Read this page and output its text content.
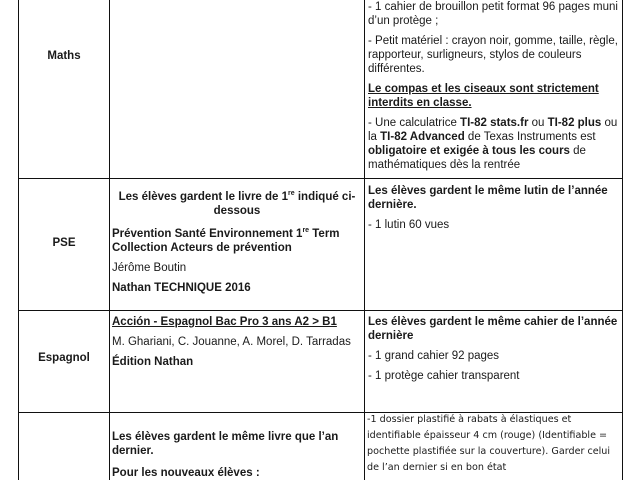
Maths

- 1 cahier de brouillon petit format 96 pages muni d’un protège ;

- Petit matériel : crayon noir, gomme, taille, règle, rapporteur, surligneurs, stylos de couleurs différentes.

Le compas et les ciseaux sont strictement interdits en classe.

- Une calculatrice TI-82 stats.fr ou TI-82 plus ou la TI-82 Advanced de Texas Instruments est obligatoire et exigée à tous les cours de mathématiques dès la rentrée

PSE

Les élèves gardent le livre de 1re indiqué ci-dessous

Prévention Santé Environnement 1re Term
Collection Acteurs de prévention

Jérôme Boutin

Nathan TECHNIQUE 2016

Les élèves gardent le même lutin de l’année dernière.

- 1 lutin 60 vues

Espagnol

Acción - Espagnol Bac Pro 3 ans A2 > B1

M. Ghariani, C. Jouanne, A. Morel, D. Tarradas

Édition Nathan

Les élèves gardent le même cahier de l’année dernière

- 1 grand cahier 92 pages

- 1 protège cahier transparent

Les élèves gardent le même livre que l’an dernier.

Pour les nouveaux élèves :

-1 dossier plastifié à rabats à élastiques et identifiable épaisseur 4 cm (rouge) (Identifiable = pochette plastifiée sur la couverture). Garder celui de l’an dernier si en bon état
